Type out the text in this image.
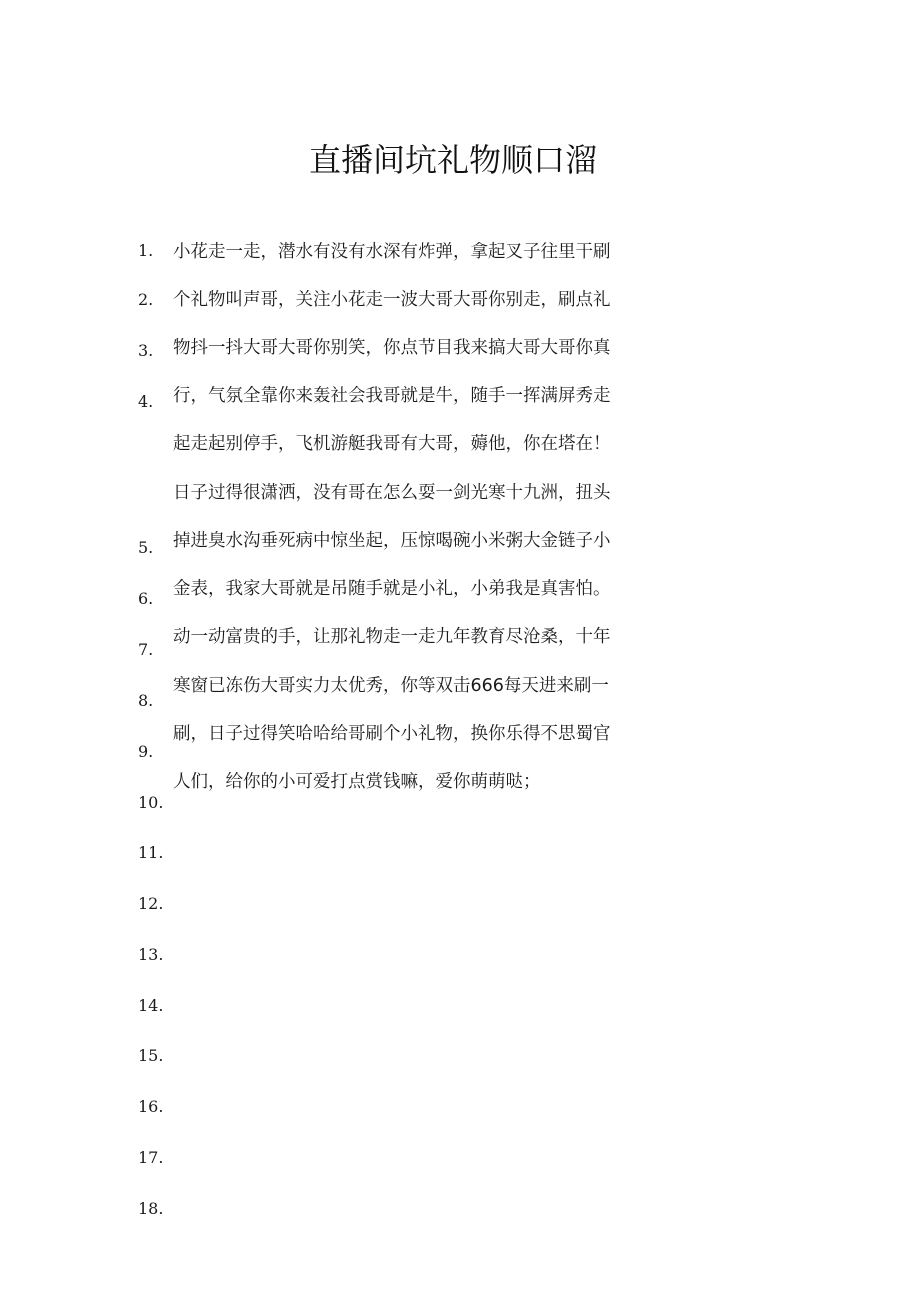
直播间坑礼物顺口溜
1.
2.
3.
4.
5.
6.
7.
8.
9.
10.
11.
12.
13.
14.
15.
16.
17.
18.
小花走一走，潜水有没有水深有炸弹，拿起叉子往里干刷
个礼物叫声哥，关注小花走一波大哥大哥你别走，刷点礼
物抖一抖大哥大哥你别笑，你点节目我来搞大哥大哥你真
行，气氛全靠你来轰社会我哥就是牛，随手一挥满屏秀走
起走起别停手，飞机游艇我哥有大哥，薅他，你在塔在！
日子过得很潇洒，没有哥在怎么耍一剑光寒十九洲，扭头
掉进臭水沟垂死病中惊坐起，压惊喝碗小米粥大金链子小
金表，我家大哥就是吊随手就是小礼，小弟我是真害怕。
动一动富贵的手，让那礼物走一走九年教育尽沧桑，十年
寒窗已冻伤大哥实力太优秀，你等双击666每天进来刷一
刷，日子过得笑哈哈给哥刷个小礼物，换你乐得不思蜀官
人们，给你的小可爱打点赏钱嘛，爱你萌萌哒；
